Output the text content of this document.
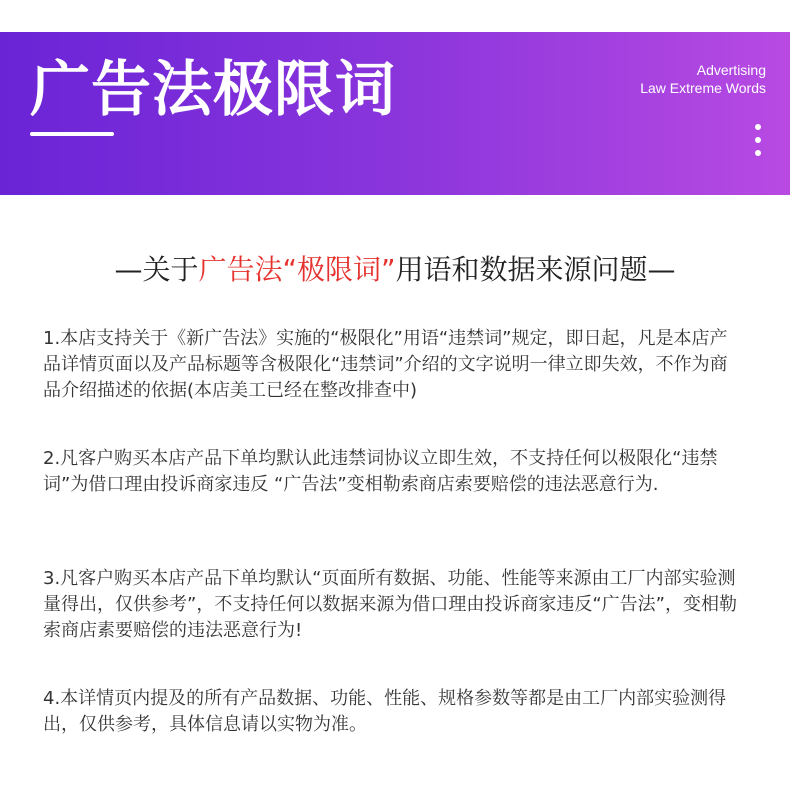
广告法极限词	Advertising
Law Extreme Words
—关于广告法“极限词”用语和数据来源问题—

1.本店支持关于《新广告法》实施的“极限化”用语“违禁词”规定，即日起，凡是本店产品详情页面以及产品标题等含极限化“违禁词”介绍的文字说明一律立即失效，不作为商品介绍描述的依据(本店美工已经在整改排查中)

2.凡客户购买本店产品下单均默认此违禁词协议立即生效，不支持任何以极限化“违禁词”为借口理由投诉商家违反 “广告法”变相勒索商店索要赔偿的违法恶意行为.

3.凡客户购买本店产品下单均默认“页面所有数据、功能、性能等来源由工厂内部实验测量得出，仅供参考”，不支持任何以数据来源为借口理由投诉商家违反“广告法”，变相勒索商店素要赔偿的违法恶意行为!

4.本详情页内提及的所有产品数据、功能、性能、规格参数等都是由工厂内部实验测得出，仅供参考，具体信息请以实物为准。
